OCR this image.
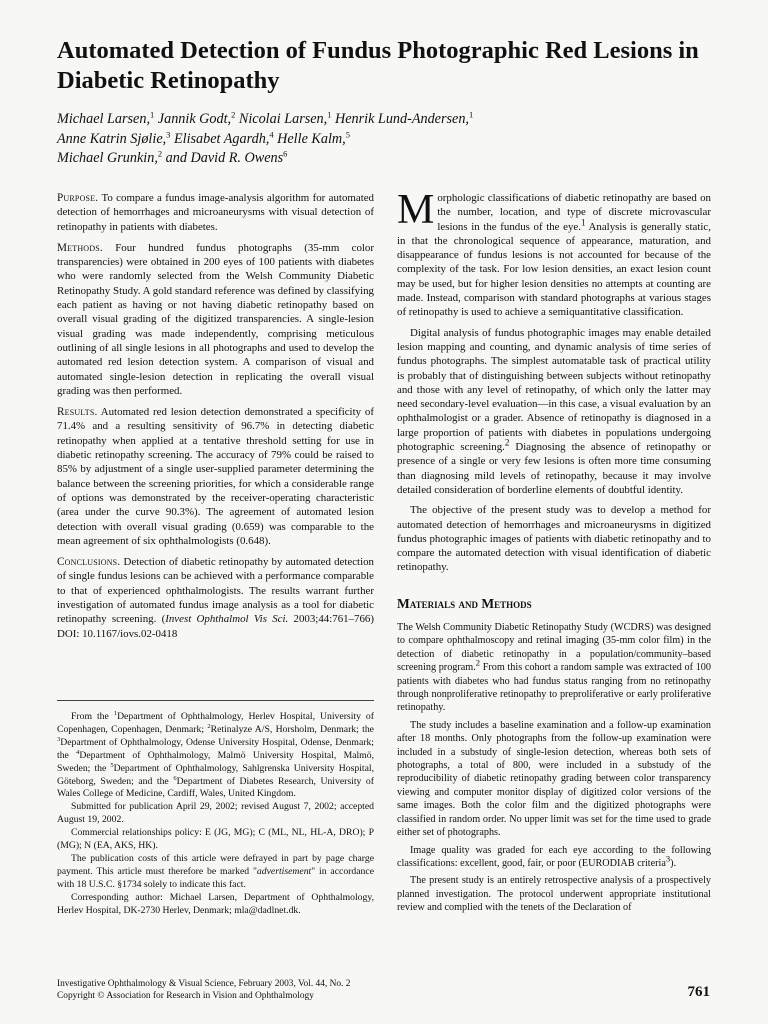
Automated Detection of Fundus Photographic Red Lesions in Diabetic Retinopathy
Michael Larsen,$^1$ Jannik Godt,$^2$ Nicolai Larsen,$^1$ Henrik Lund-Andersen,$^1$
Anne Katrin Sjølie,$^3$ Elisabet Agardh,$^4$ Helle Kalm,$^5$
Michael Grunkin,$^2$ and David R. Owens$^6$

Purpose. To compare a fundus image-analysis algorithm for automated detection of hemorrhages and microaneurysms with visual detection of retinopathy in patients with diabetes.

Methods. Four hundred fundus photographs (35-mm color transparencies) were obtained in 200 eyes of 100 patients with diabetes who were randomly selected from the Welsh Community Diabetic Retinopathy Study. A gold standard reference was defined by classifying each patient as having or not having diabetic retinopathy based on overall visual grading of the digitized transparencies. A single-lesion visual grading was made independently, comprising meticulous outlining of all single lesions in all photographs and used to develop the automated red lesion detection system. A comparison of visual and automated single-lesion detection in replicating the overall visual grading was then performed.

Results. Automated red lesion detection demonstrated a specificity of 71.4% and a resulting sensitivity of 96.7% in detecting diabetic retinopathy when applied at a tentative threshold setting for use in diabetic retinopathy screening. The accuracy of 79% could be raised to 85% by adjustment of a single user-supplied parameter determining the balance between the screening priorities, for which a considerable range of options was demonstrated by the receiver-operating characteristic (area under the curve 90.3%). The agreement of automated lesion detection with overall visual grading (0.659) was comparable to the mean agreement of six ophthalmologists (0.648).

Conclusions. Detection of diabetic retinopathy by automated detection of single fundus lesions can be achieved with a performance comparable to that of experienced ophthalmologists. The results warrant further investigation of automated fundus image analysis as a tool for diabetic retinopathy screening. (Invest Ophthalmol Vis Sci. 2003;44:761–766) DOI: 10.1167/iovs.02-0418

From the $^1$Department of Ophthalmology, Herlev Hospital, University of Copenhagen, Copenhagen, Denmark; $^2$Retinalyze A/S, Horsholm, Denmark; the $^3$Department of Ophthalmology, Odense University Hospital, Odense, Denmark; the $^4$Department of Ophthalmology, Malmö University Hospital, Malmö, Sweden; the $^5$Department of Ophthalmology, Sahlgrenska University Hospital, Göteborg, Sweden; and the $^6$Department of Diabetes Research, University of Wales College of Medicine, Cardiff, Wales, United Kingdom.

Submitted for publication April 29, 2002; revised August 7, 2002; accepted August 19, 2002.

Commercial relationships policy: E (JG, MG); C (ML, NL, HL-A, DRO); P (MG); N (EA, AKS, HK).

The publication costs of this article were defrayed in part by page charge payment. This article must therefore be marked "advertisement" in accordance with 18 U.S.C. §1734 solely to indicate this fact.

Corresponding author: Michael Larsen, Department of Ophthalmology, Herlev Hospital, DK-2730 Herlev, Denmark; mla@dadlnet.dk.

Morphologic classifications of diabetic retinopathy are based on the number, location, and type of discrete microvascular lesions in the fundus of the eye.$^1$ Analysis is generally static, in that the chronological sequence of appearance, maturation, and disappearance of fundus lesions is not accounted for because of the complexity of the task. For low lesion densities, an exact lesion count may be used, but for higher lesion densities no attempts at counting are made. Instead, comparison with standard photographs at various stages of retinopathy is used to achieve a semiquantitative classification.

Digital analysis of fundus photographic images may enable detailed lesion mapping and counting, and dynamic analysis of time series of fundus photographs. The simplest automatable task of practical utility is probably that of distinguishing between subjects without retinopathy and those with any level of retinopathy, of which only the latter may need secondary-level evaluation—in this case, a visual evaluation by an ophthalmologist or a grader. Absence of retinopathy is diagnosed in a large proportion of patients with diabetes in populations undergoing photographic screening.$^2$ Diagnosing the absence of retinopathy or presence of a single or very few lesions is often more time consuming than diagnosing mild levels of retinopathy, because it may involve detailed consideration of borderline elements of doubtful identity.

The objective of the present study was to develop a method for automated detection of hemorrhages and microaneurysms in digitized fundus photographic images of patients with diabetic retinopathy and to compare the automated detection with visual identification of diabetic retinopathy.

Materials and Methods

The Welsh Community Diabetic Retinopathy Study (WCDRS) was designed to compare ophthalmoscopy and retinal imaging (35-mm color film) in the detection of diabetic retinopathy in a population/community–based screening program.$^2$ From this cohort a random sample was extracted of 100 patients with diabetes who had fundus status ranging from no retinopathy through nonproliferative retinopathy to preproliferative or early proliferative retinopathy.

The study includes a baseline examination and a follow-up examination after 18 months. Only photographs from the follow-up examination were included in a substudy of single-lesion detection, whereas both sets of photographs, a total of 800, were included in a substudy of the reproducibility of diabetic retinopathy grading between color transparency viewing and computer monitor display of digitized color versions of the same images. Both the color film and the digitized photographs were classified in random order. No upper limit was set for the time used to grade either set of photographs.

Image quality was graded for each eye according to the following classifications: excellent, good, fair, or poor (EURODIAB criteria$^3$).

The present study is an entirely retrospective analysis of a prospectively planned investigation. The protocol underwent appropriate institutional review and complied with the tenets of the Declaration of

Investigative Ophthalmology & Visual Science, February 2003, Vol. 44, No. 2
Copyright © Association for Research in Vision and Ophthalmology	761
